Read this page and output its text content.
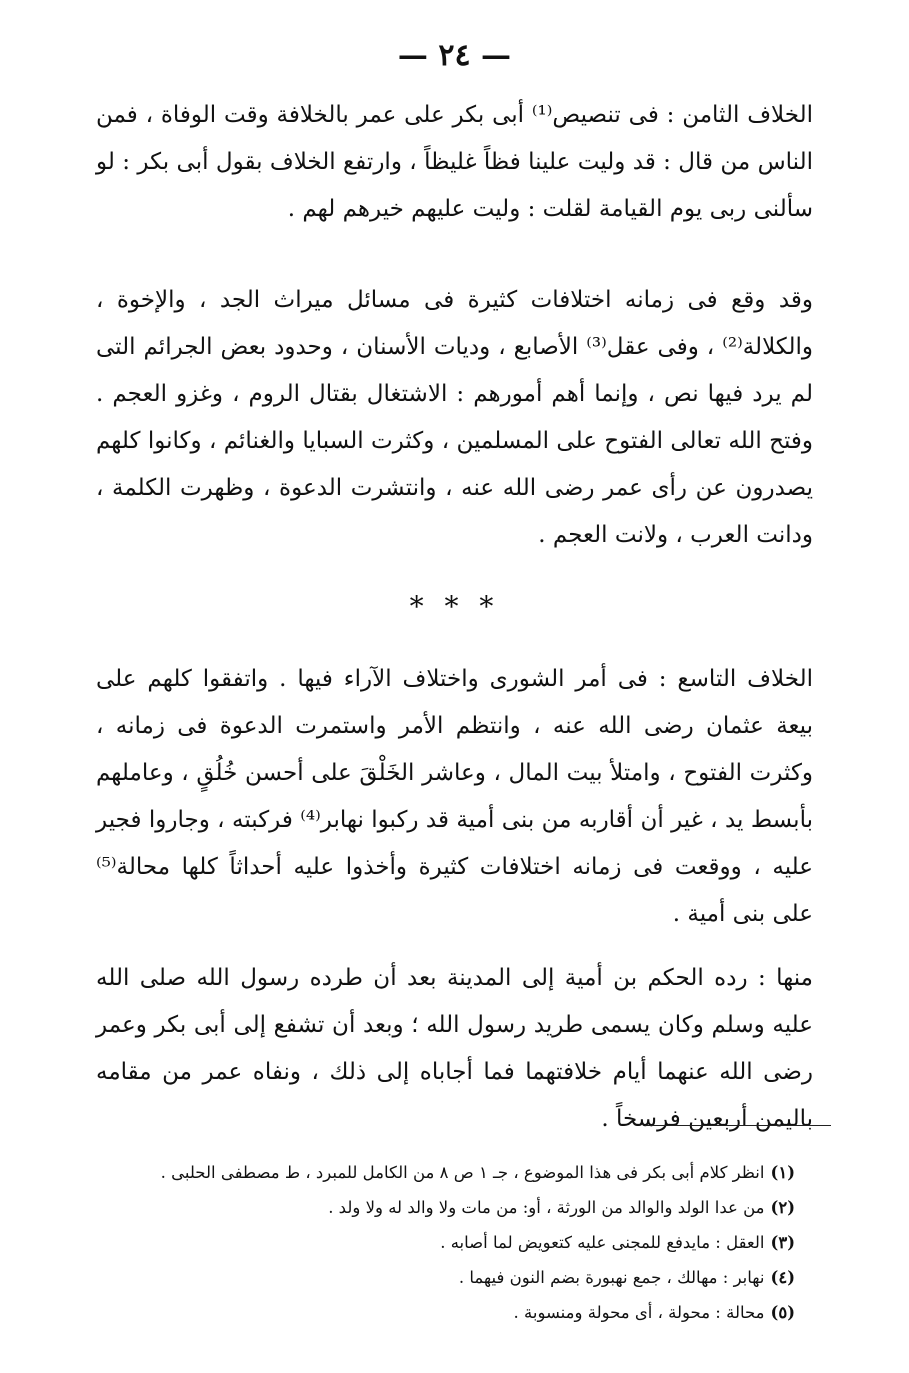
— ٢٤ —

الخلاف الثامن : فى تنصيص⁽¹⁾ أبى بكر على عمر بالخلافة وقت الوفاة ، فمن الناس من قال : قد وليت علينا فظاً غليظاً ، وارتفع الخلاف بقول أبى بكر : لو سألنى ربى يوم القيامة لقلت : وليت عليهم خيرهم لهم .

وقد وقع فى زمانه اختلافات كثيرة فى مسائل ميراث الجد ، والإخوة ، والكلالة⁽²⁾ ، وفى عقل⁽³⁾ الأصابع ، وديات الأسنان ، وحدود بعض الجرائم التى لم يرد فيها نص ، وإنما أهم أمورهم : الاشتغال بقتال الروم ، وغزو العجم . وفتح الله تعالى الفتوح على المسلمين ، وكثرت السبايا والغنائم ، وكانوا كلهم يصدرون عن رأى عمر رضى الله عنه ، وانتشرت الدعوة ، وظهرت الكلمة ، ودانت العرب ، ولانت العجم .

* * *

الخلاف التاسع : فى أمر الشورى واختلاف الآراء فيها . واتفقوا كلهم على بيعة عثمان رضى الله عنه ، وانتظم الأمر واستمرت الدعوة فى زمانه ، وكثرت الفتوح ، وامتلأ بيت المال ، وعاشر الخَلْقَ على أحسن خُلُقٍ ، وعاملهم بأبسط يد ، غير أن أقاربه من بنى أمية قد ركبوا نهابر⁽⁴⁾ فركبته ، وجاروا فجير عليه ، ووقعت فى زمانه اختلافات كثيرة وأخذوا عليه أحداثاً كلها محالة⁽⁵⁾ على بنى أمية .

منها : رده الحكم بن أمية إلى المدينة بعد أن طرده رسول الله صلى الله عليه وسلم وكان يسمى طريد رسول الله ؛ وبعد أن تشفع إلى أبى بكر وعمر رضى الله عنهما أيام خلافتهما فما أجاباه إلى ذلك ، ونفاه عمر من مقامه باليمن أربعين فرسخاً .

(١)انظر كلام أبى بكر فى هذا الموضوع ، جـ ١ ص ٨ من الكامل للمبرد ، ط مصطفى الحلبى .

(٢)من عدا الولد والوالد من الورثة ، أو: من مات ولا والد له ولا ولد .

(٣)العقل : مايدفع للمجنى عليه كتعويض لما أصابه .

(٤)نهابر : مهالك ، جمع نهبورة بضم النون فيهما .

(٥)محالة : محولة ، أى محولة ومنسوبة .
